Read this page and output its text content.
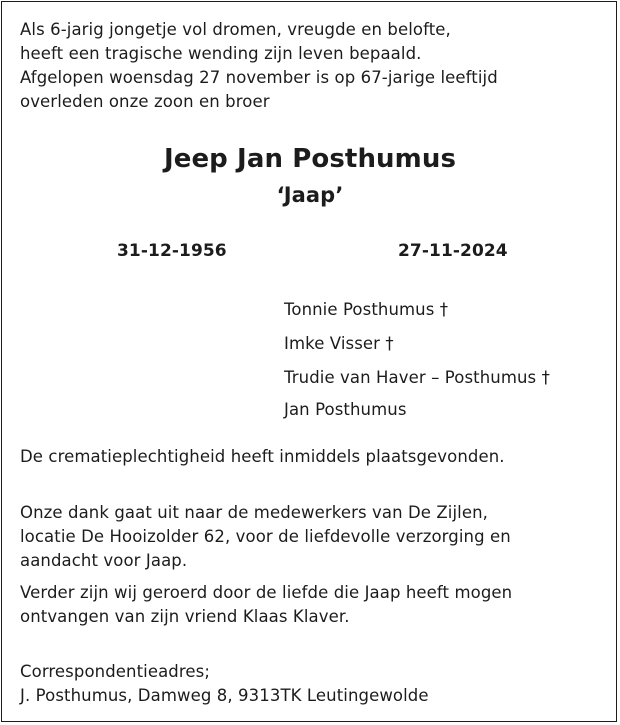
Als 6-jarig jongetje vol dromen, vreugde en belofte,
heeft een tragische wending zijn leven bepaald.
Afgelopen woensdag 27 november is op 67-jarige leeftijd
overleden onze zoon en broer
Jeep Jan Posthumus
‘Jaap’
31-12-1956	27-11-2024
Tonnie Posthumus †
Imke Visser †
Trudie van Haver – Posthumus †
Jan Posthumus
De crematieplechtigheid heeft inmiddels plaatsgevonden.
Onze dank gaat uit naar de medewerkers van De Zijlen,
locatie De Hooizolder 62, voor de liefdevolle verzorging en
aandacht voor Jaap.
Verder zijn wij geroerd door de liefde die Jaap heeft mogen
ontvangen van zijn vriend Klaas Klaver.
Correspondentieadres;
J. Posthumus, Damweg 8, 9313TK Leutingewolde
